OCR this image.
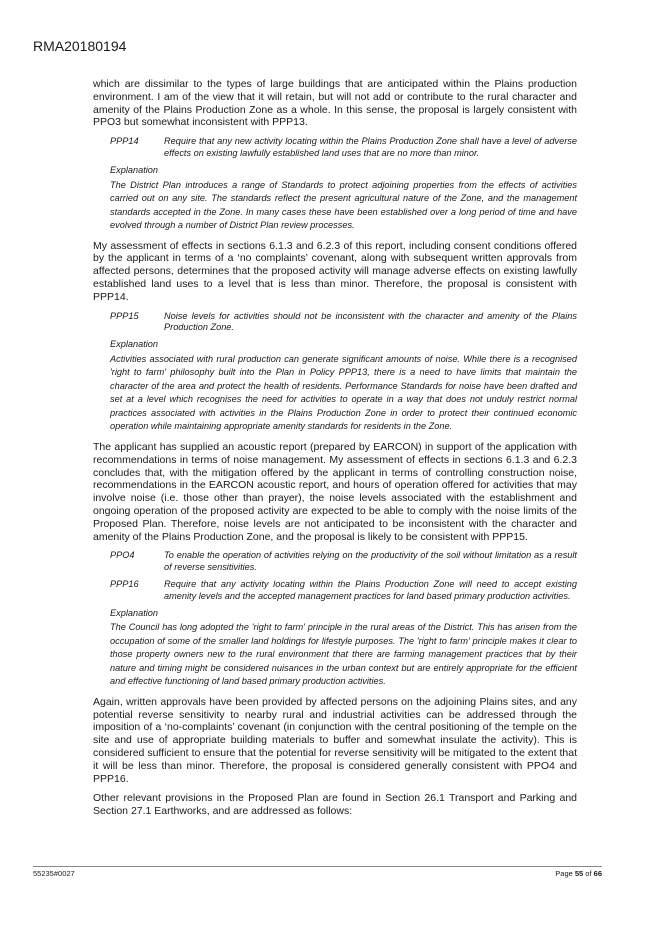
RMA20180194

which are dissimilar to the types of large buildings that are anticipated within the Plains production environment. I am of the view that it will retain, but will not add or contribute to the rural character and amenity of the Plains Production Zone as a whole. In this sense, the proposal is largely consistent with PPO3 but somewhat inconsistent with PPP13.

PPP14	Require that any new activity locating within the Plains Production Zone shall have a level of adverse effects on existing lawfully established land uses that are no more than minor.
Explanation

The District Plan introduces a range of Standards to protect adjoining properties from the effects of activities carried out on any site. The standards reflect the present agricultural nature of the Zone, and the management standards accepted in the Zone. In many cases these have been established over a long period of time and have evolved through a number of District Plan review processes.

My assessment of effects in sections 6.1.3 and 6.2.3 of this report, including consent conditions offered by the applicant in terms of a ‘no complaints’ covenant, along with subsequent written approvals from affected persons, determines that the proposed activity will manage adverse effects on existing lawfully established land uses to a level that is less than minor. Therefore, the proposal is consistent with PPP14.

PPP15	Noise levels for activities should not be inconsistent with the character and amenity of the Plains Production Zone.
Explanation

Activities associated with rural production can generate significant amounts of noise. While there is a recognised 'right to farm' philosophy built into the Plan in Policy PPP13, there is a need to have limits that maintain the character of the area and protect the health of residents. Performance Standards for noise have been drafted and set at a level which recognises the need for activities to operate in a way that does not unduly restrict normal practices associated with activities in the Plains Production Zone in order to protect their continued economic operation while maintaining appropriate amenity standards for residents in the Zone.

The applicant has supplied an acoustic report (prepared by EARCON) in support of the application with recommendations in terms of noise management. My assessment of effects in sections 6.1.3 and 6.2.3 concludes that, with the mitigation offered by the applicant in terms of controlling construction noise, recommendations in the EARCON acoustic report, and hours of operation offered for activities that may involve noise (i.e. those other than prayer), the noise levels associated with the establishment and ongoing operation of the proposed activity are expected to be able to comply with the noise limits of the Proposed Plan. Therefore, noise levels are not anticipated to be inconsistent with the character and amenity of the Plains Production Zone, and the proposal is likely to be consistent with PPP15.

PPO4	To enable the operation of activities relying on the productivity of the soil without limitation as a result of reverse sensitivities.
PPP16	Require that any activity locating within the Plains Production Zone will need to accept existing amenity levels and the accepted management practices for land based primary production activities.
Explanation

The Council has long adopted the 'right to farm' principle in the rural areas of the District. This has arisen from the occupation of some of the smaller land holdings for lifestyle purposes. The 'right to farm' principle makes it clear to those property owners new to the rural environment that there are farming management practices that by their nature and timing might be considered nuisances in the urban context but are entirely appropriate for the efficient and effective functioning of land based primary production activities.

Again, written approvals have been provided by affected persons on the adjoining Plains sites, and any potential reverse sensitivity to nearby rural and industrial activities can be addressed through the imposition of a ‘no-complaints’ covenant (in conjunction with the central positioning of the temple on the site and use of appropriate building materials to buffer and somewhat insulate the activity). This is considered sufficient to ensure that the potential for reverse sensitivity will be mitigated to the extent that it will be less than minor. Therefore, the proposal is considered generally consistent with PPO4 and PPP16.

Other relevant provisions in the Proposed Plan are found in Section 26.1 Transport and Parking and Section 27.1 Earthworks, and are addressed as follows:

55235#0027	Page 55 of 66
